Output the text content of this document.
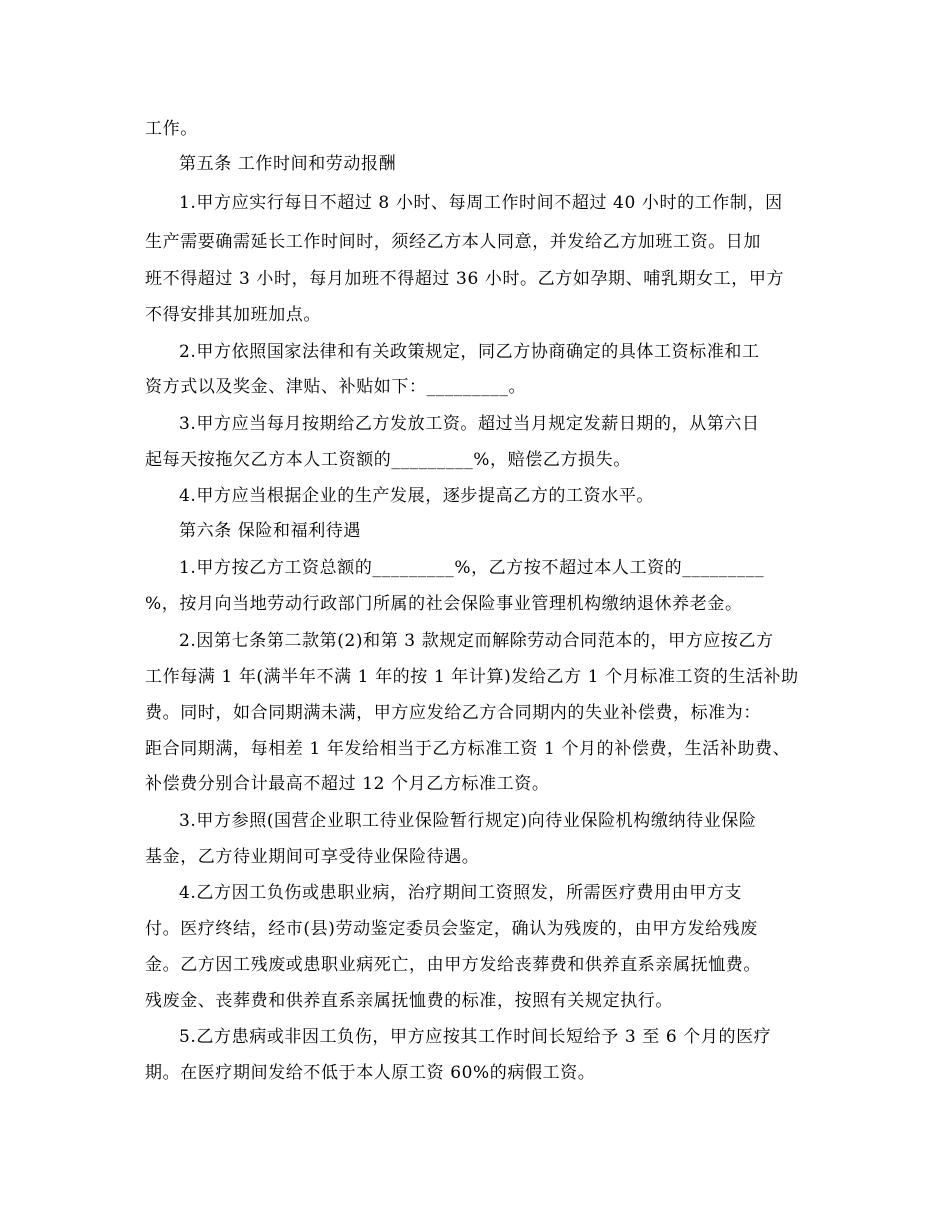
工作。
第五条 工作时间和劳动报酬
1.甲方应实行每日不超过 8 小时、每周工作时间不超过 40 小时的工作制，因
生产需要确需延长工作时间时，须经乙方本人同意，并发给乙方加班工资。日加
班不得超过 3 小时，每月加班不得超过 36 小时。乙方如孕期、哺乳期女工，甲方
不得安排其加班加点。
2.甲方依照国家法律和有关政策规定，同乙方协商确定的具体工资标准和工
资方式以及奖金、津贴、补贴如下：_________。
3.甲方应当每月按期给乙方发放工资。超过当月规定发薪日期的，从第六日
起每天按拖欠乙方本人工资额的_________%，赔偿乙方损失。
4.甲方应当根据企业的生产发展，逐步提高乙方的工资水平。
第六条 保险和福利待遇
1.甲方按乙方工资总额的_________%，乙方按不超过本人工资的_________
%，按月向当地劳动行政部门所属的社会保险事业管理机构缴纳退休养老金。
2.因第七条第二款第(2)和第 3 款规定而解除劳动合同范本的，甲方应按乙方
工作每满 1 年(满半年不满 1 年的按 1 年计算)发给乙方 1 个月标准工资的生活补助
费。同时，如合同期满未满，甲方应发给乙方合同期内的失业补偿费，标准为：
距合同期满，每相差 1 年发给相当于乙方标准工资 1 个月的补偿费，生活补助费、
补偿费分别合计最高不超过 12 个月乙方标准工资。
3.甲方参照(国营企业职工待业保险暂行规定)向待业保险机构缴纳待业保险
基金，乙方待业期间可享受待业保险待遇。
4.乙方因工负伤或患职业病，治疗期间工资照发，所需医疗费用由甲方支
付。医疗终结，经市(县)劳动鉴定委员会鉴定，确认为残废的，由甲方发给残废
金。乙方因工残废或患职业病死亡，由甲方发给丧葬费和供养直系亲属抚恤费。
残废金、丧葬费和供养直系亲属抚恤费的标准，按照有关规定执行。
5.乙方患病或非因工负伤，甲方应按其工作时间长短给予 3 至 6 个月的医疗
期。在医疗期间发给不低于本人原工资 60%的病假工资。
